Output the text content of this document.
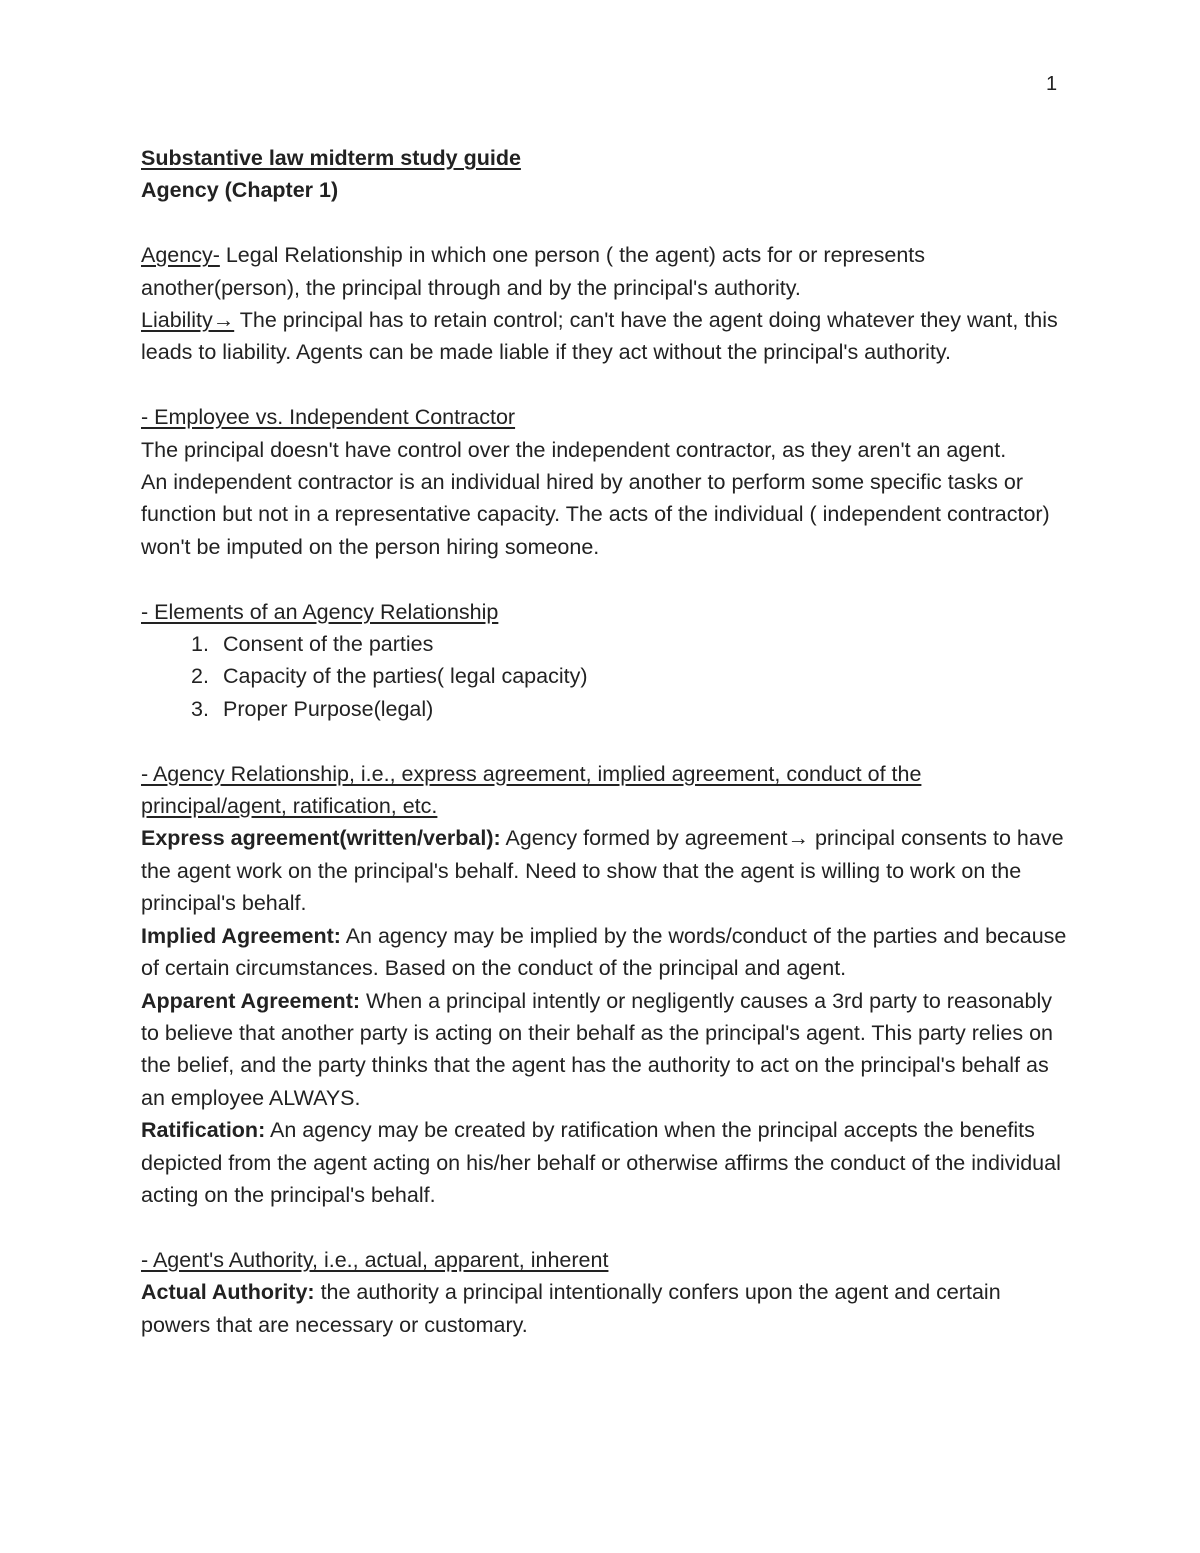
1

Substantive law midterm study guide

Agency (Chapter 1)

Agency- Legal Relationship in which one person ( the agent) acts for or represents another(person), the principal through and by the principal's authority.

Liability→ The principal has to retain control; can't have the agent doing whatever they want, this leads to liability. Agents can be made liable if they act without the principal's authority.

- Employee vs. Independent Contractor

The principal doesn't have control over the independent contractor, as they aren't an agent.

An independent contractor is an individual hired by another to perform some specific tasks or function but not in a representative capacity. The acts of the individual ( independent contractor) won't be imputed on the person hiring someone.

- Elements of an Agency Relationship

1. Consent of the parties
2. Capacity of the parties( legal capacity)
3. Proper Purpose(legal)

- Agency Relationship, i.e., express agreement, implied agreement, conduct of the principal/agent, ratification, etc.

Express agreement(written/verbal): Agency formed by agreement→ principal consents to have the agent work on the principal's behalf. Need to show that the agent is willing to work on the principal's behalf.

Implied Agreement: An agency may be implied by the words/conduct of the parties and because of certain circumstances. Based on the conduct of the principal and agent.

Apparent Agreement: When a principal intently or negligently causes a 3rd party to reasonably to believe that another party is acting on their behalf as the principal's agent. This party relies on the belief, and the party thinks that the agent has the authority to act on the principal's behalf as an employee ALWAYS.

Ratification: An agency may be created by ratification when the principal accepts the benefits depicted from the agent acting on his/her behalf or otherwise affirms the conduct of the individual acting on the principal's behalf.

- Agent's Authority, i.e., actual, apparent, inherent

Actual Authority: the authority a principal intentionally confers upon the agent and certain powers that are necessary or customary.
